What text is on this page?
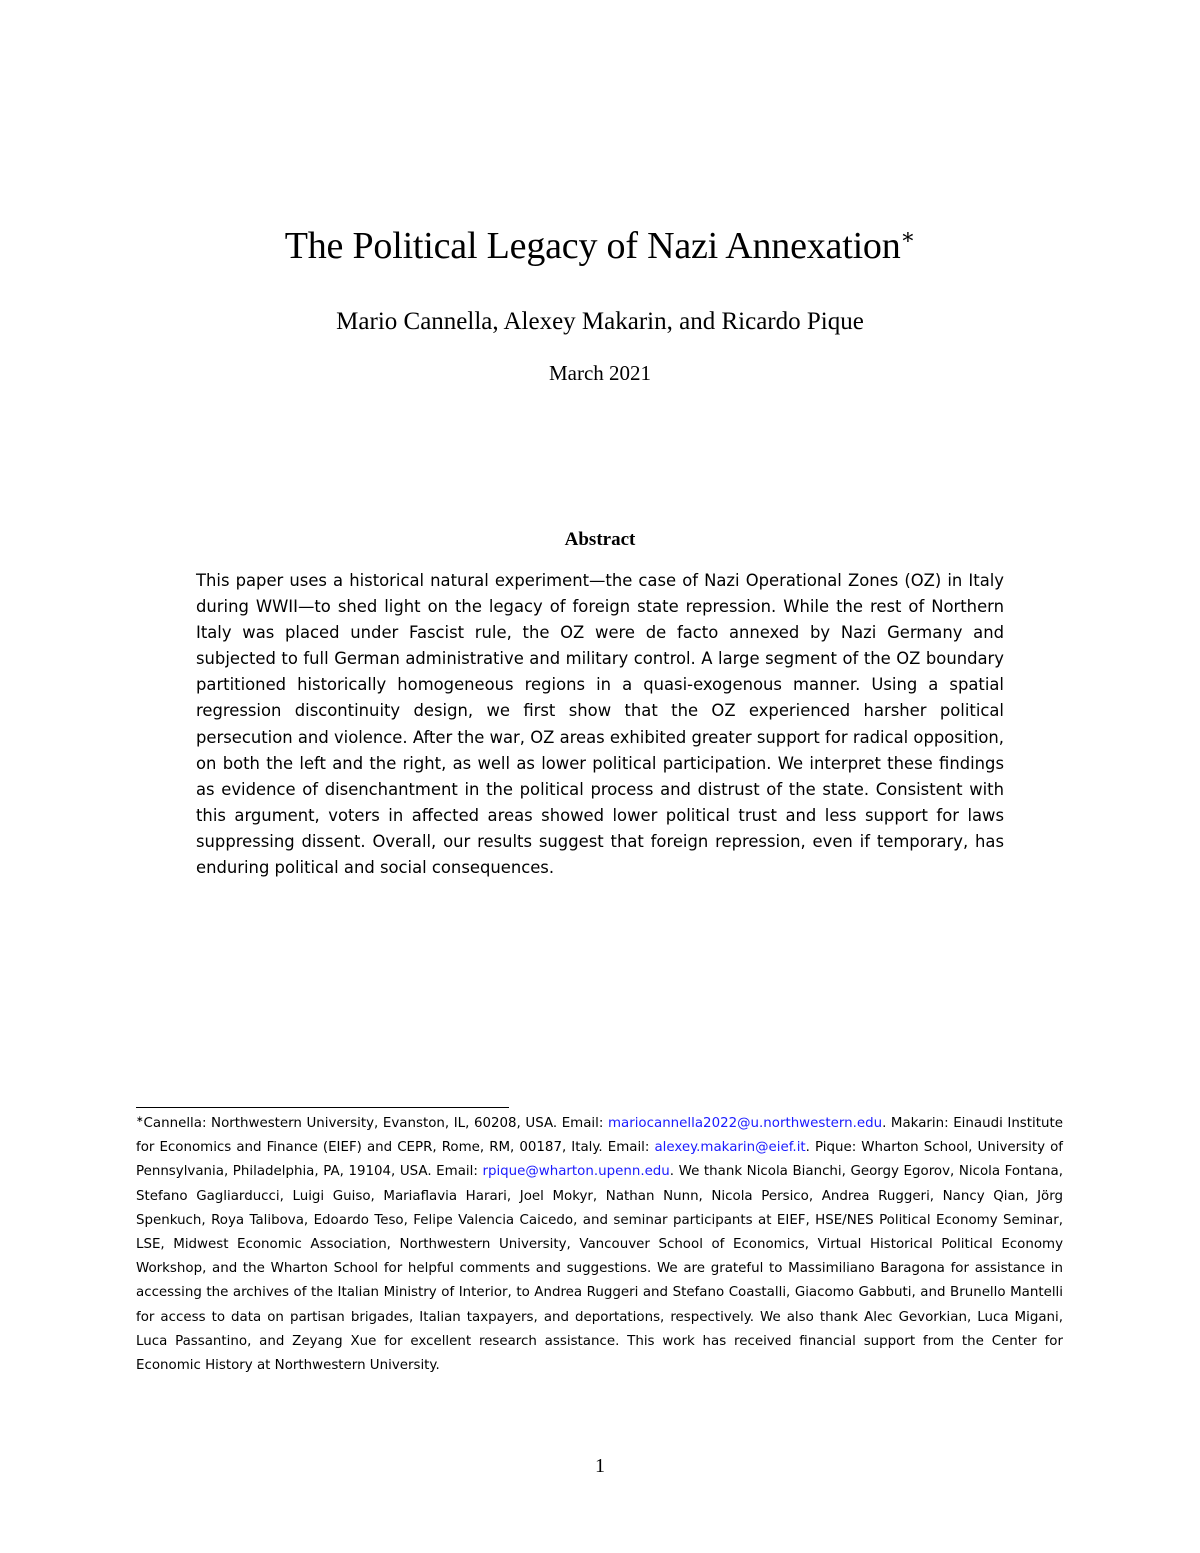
The Political Legacy of Nazi Annexation∗
Mario Cannella, Alexey Makarin, and Ricardo Pique
March 2021
Abstract

This paper uses a historical natural experiment—the case of Nazi Operational Zones (OZ) in Italy during WWII—to shed light on the legacy of foreign state repression. While the rest of Northern Italy was placed under Fascist rule, the OZ were de facto annexed by Nazi Germany and subjected to full German administrative and military control. A large segment of the OZ boundary partitioned historically homogeneous regions in a quasi-exogenous manner. Using a spatial regression discontinuity design, we first show that the OZ experienced harsher political persecution and violence. After the war, OZ areas exhibited greater support for radical opposition, on both the left and the right, as well as lower political participation. We interpret these findings as evidence of disenchantment in the political process and distrust of the state. Consistent with this argument, voters in affected areas showed lower political trust and less support for laws suppressing dissent. Overall, our results suggest that foreign repression, even if temporary, has enduring political and social consequences.

∗Cannella: Northwestern University, Evanston, IL, 60208, USA. Email: mariocannella2022@u.northwestern.edu. Makarin: Einaudi Institute for Economics and Finance (EIEF) and CEPR, Rome, RM, 00187, Italy. Email: alexey.makarin@eief.it. Pique: Wharton School, University of Pennsylvania, Philadelphia, PA, 19104, USA. Email: rpique@wharton.upenn.edu. We thank Nicola Bianchi, Georgy Egorov, Nicola Fontana, Stefano Gagliarducci, Luigi Guiso, Mariaflavia Harari, Joel Mokyr, Nathan Nunn, Nicola Persico, Andrea Ruggeri, Nancy Qian, Jörg Spenkuch, Roya Talibova, Edoardo Teso, Felipe Valencia Caicedo, and seminar participants at EIEF, HSE/NES Political Economy Seminar, LSE, Midwest Economic Association, Northwestern University, Vancouver School of Economics, Virtual Historical Political Economy Workshop, and the Wharton School for helpful comments and suggestions. We are grateful to Massimiliano Baragona for assistance in accessing the archives of the Italian Ministry of Interior, to Andrea Ruggeri and Stefano Coastalli, Giacomo Gabbuti, and Brunello Mantelli for access to data on partisan brigades, Italian taxpayers, and deportations, respectively. We also thank Alec Gevorkian, Luca Migani, Luca Passantino, and Zeyang Xue for excellent research assistance. This work has received financial support from the Center for Economic History at Northwestern University.

1
